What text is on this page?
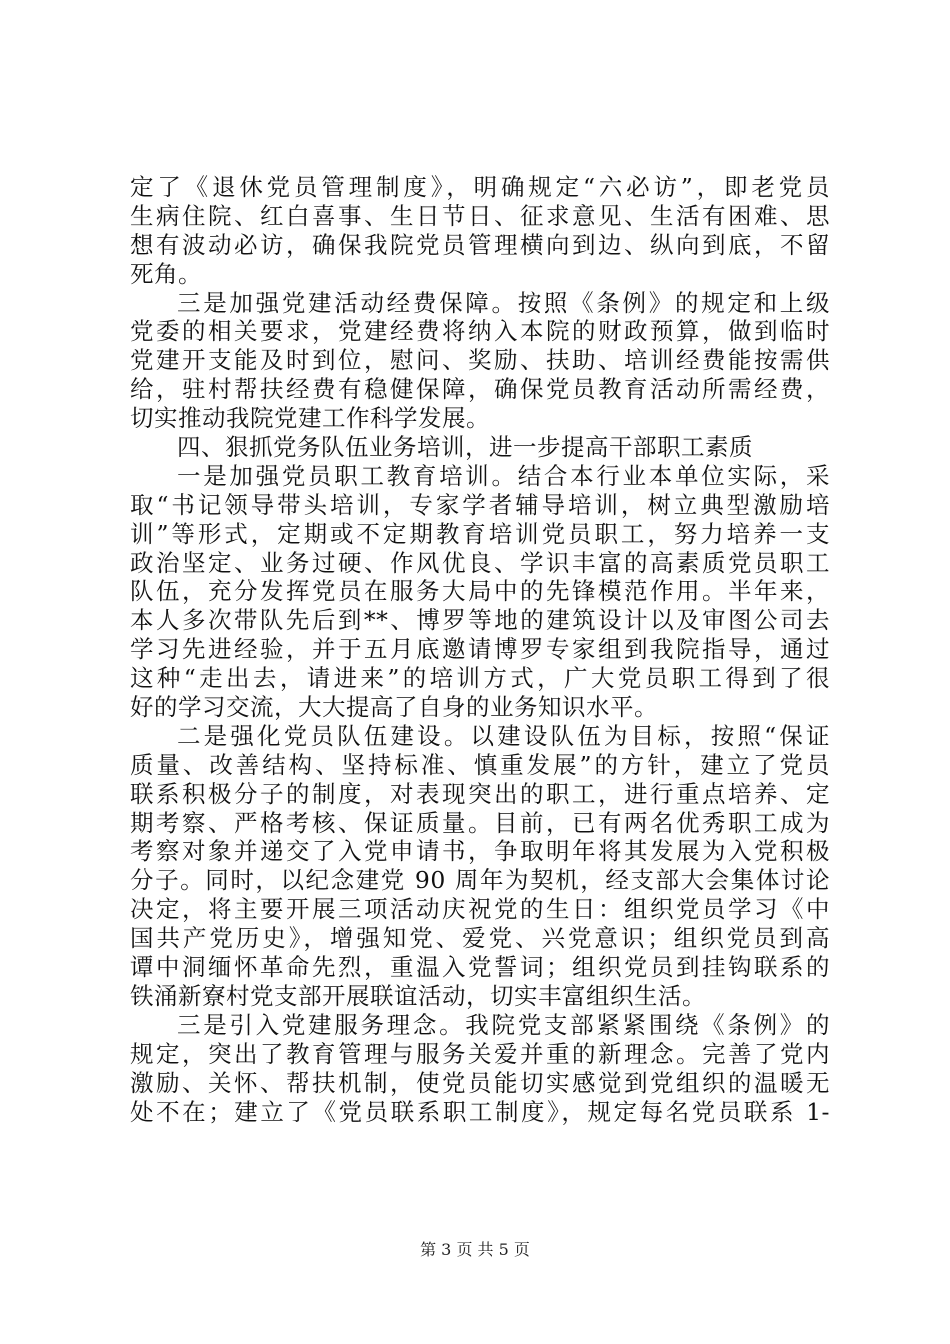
定了《退休党员管理制度》，明确规定“六必访”，即老党员
生病住院、红白喜事、生日节日、征求意见、生活有困难、思
想有波动必访，确保我院党员管理横向到边、纵向到底，不留
死角。
三是加强党建活动经费保障。按照《条例》的规定和上级
党委的相关要求，党建经费将纳入本院的财政预算，做到临时
党建开支能及时到位，慰问、奖励、扶助、培训经费能按需供
给，驻村帮扶经费有稳健保障，确保党员教育活动所需经费，
切实推动我院党建工作科学发展。
四、狠抓党务队伍业务培训，进一步提高干部职工素质
一是加强党员职工教育培训。结合本行业本单位实际，采
取“书记领导带头培训，专家学者辅导培训，树立典型激励培
训”等形式，定期或不定期教育培训党员职工，努力培养一支
政治坚定、业务过硬、作风优良、学识丰富的高素质党员职工
队伍，充分发挥党员在服务大局中的先锋模范作用。半年来，
本人多次带队先后到**、博罗等地的建筑设计以及审图公司去
学习先进经验，并于五月底邀请博罗专家组到我院指导，通过
这种“走出去，请进来”的培训方式，广大党员职工得到了很
好的学习交流，大大提高了自身的业务知识水平。
二是强化党员队伍建设。以建设队伍为目标，按照“保证
质量、改善结构、坚持标准、慎重发展”的方针，建立了党员
联系积极分子的制度，对表现突出的职工，进行重点培养、定
期考察、严格考核、保证质量。目前，已有两名优秀职工成为
考察对象并递交了入党申请书，争取明年将其发展为入党积极
分子。同时，以纪念建党 90 周年为契机，经支部大会集体讨论
决定，将主要开展三项活动庆祝党的生日：组织党员学习《中
国共产党历史》，增强知党、爱党、兴党意识；组织党员到高
谭中洞缅怀革命先烈，重温入党誓词；组织党员到挂钩联系的
铁涌新寮村党支部开展联谊活动，切实丰富组织生活。
三是引入党建服务理念。我院党支部紧紧围绕《条例》的
规定，突出了教育管理与服务关爱并重的新理念。完善了党内
激励、关怀、帮扶机制，使党员能切实感觉到党组织的温暖无
处不在；建立了《党员联系职工制度》，规定每名党员联系 1-
第 3 页 共 5 页
